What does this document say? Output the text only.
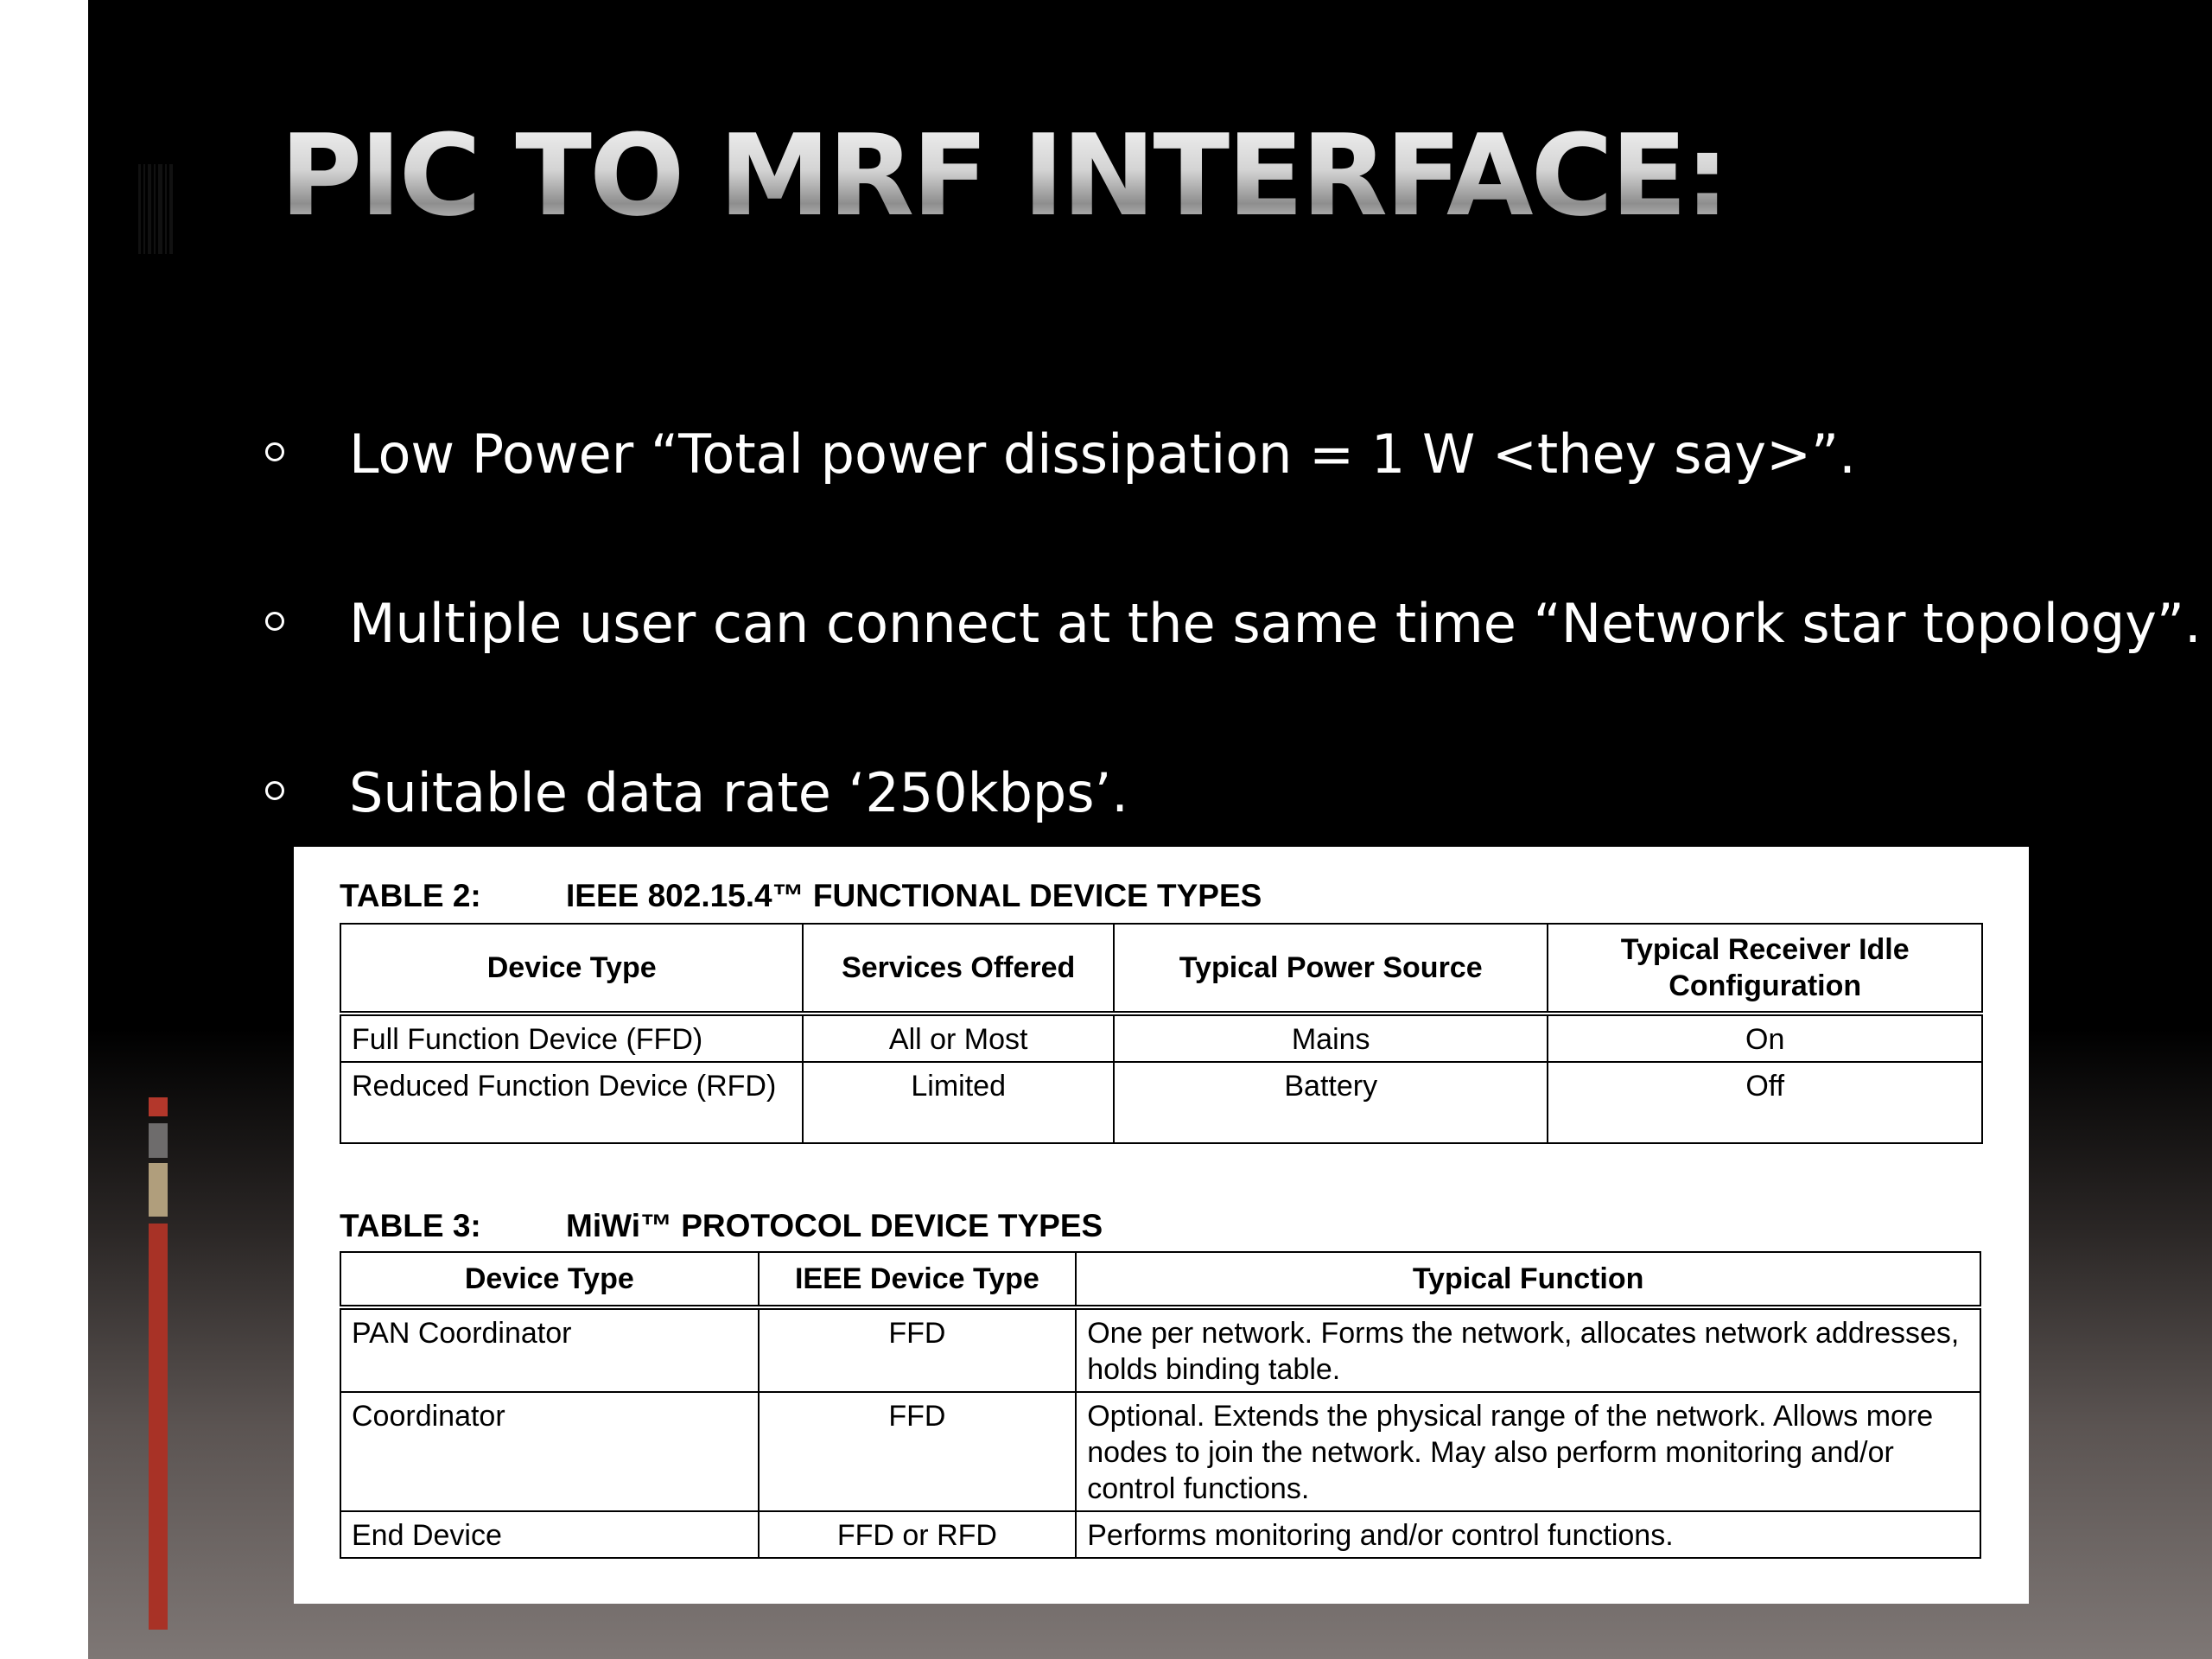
PIC TO MRF INTERFACE:
Low Power “Total power dissipation = 1 W <they say>”.
Multiple user can connect at the same time “Network star topology”.
Suitable data rate ‘250kbps’.
TABLE 2:	IEEE 802.15.4™ FUNCTIONAL DEVICE TYPES
Device Type	Services Offered	Typical Power Source	Typical Receiver Idle Configuration
Full Function Device (FFD)	All or Most	Mains	On
Reduced Function Device (RFD)	Limited	Battery	Off
TABLE 3:	MiWi™ PROTOCOL DEVICE TYPES
Device Type	IEEE Device Type	Typical Function
PAN Coordinator	FFD	One per network. Forms the network, allocates network addresses, holds binding table.
Coordinator	FFD	Optional. Extends the physical range of the network. Allows more nodes to join the network. May also perform monitoring and/or control functions.
End Device	FFD or RFD	Performs monitoring and/or control functions.
